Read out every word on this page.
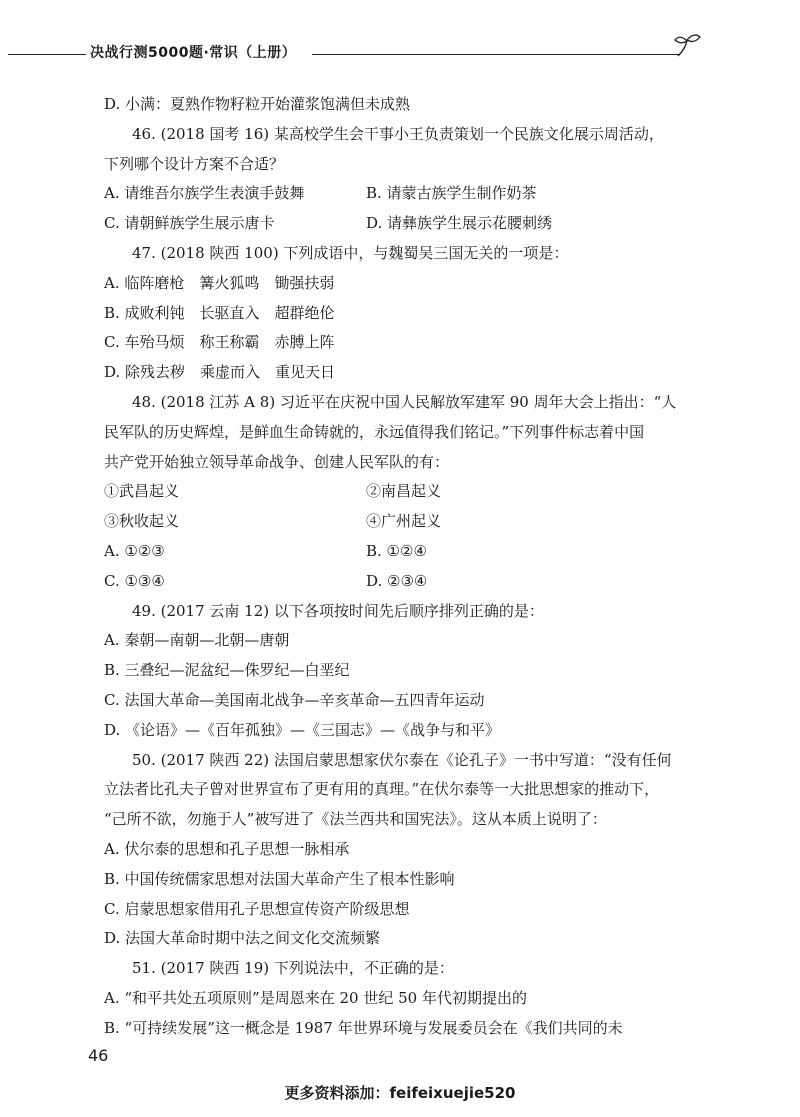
决战行测5000题·常识（上册）
D. 小满：夏熟作物籽粒开始灌浆饱满但未成熟
46. (2018 国考 16) 某高校学生会干事小王负责策划一个民族文化展示周活动，
下列哪个设计方案不合适？
A. 请维吾尔族学生表演手鼓舞	B. 请蒙古族学生制作奶茶
C. 请朝鲜族学生展示唐卡	D. 请彝族学生展示花腰刺绣
47. (2018 陕西 100) 下列成语中，与魏蜀吴三国无关的一项是：
A. 临阵磨枪　篝火狐鸣　锄强扶弱
B. 成败利钝　长驱直入　超群绝伦
C. 车殆马烦　称王称霸　赤膊上阵
D. 除残去秽　乘虚而入　重见天日
48. (2018 江苏 A 8) 习近平在庆祝中国人民解放军建军 90 周年大会上指出：“人
民军队的历史辉煌，是鲜血生命铸就的，永远值得我们铭记。”下列事件标志着中国
共产党开始独立领导革命战争、创建人民军队的有：
①武昌起义	②南昌起义
③秋收起义	④广州起义
A. ①②③	B. ①②④
C. ①③④	D. ②③④
49. (2017 云南 12) 以下各项按时间先后顺序排列正确的是：
A. 秦朝—南朝—北朝—唐朝
B. 三叠纪—泥盆纪—侏罗纪—白垩纪
C. 法国大革命—美国南北战争—辛亥革命—五四青年运动
D. 《论语》—《百年孤独》—《三国志》—《战争与和平》
50. (2017 陕西 22) 法国启蒙思想家伏尔泰在《论孔子》一书中写道：“没有任何
立法者比孔夫子曾对世界宣布了更有用的真理。”在伏尔泰等一大批思想家的推动下，
“己所不欲，勿施于人”被写进了《法兰西共和国宪法》。这从本质上说明了：
A. 伏尔泰的思想和孔子思想一脉相承
B. 中国传统儒家思想对法国大革命产生了根本性影响
C. 启蒙思想家借用孔子思想宣传资产阶级思想
D. 法国大革命时期中法之间文化交流频繁
51. (2017 陕西 19) 下列说法中，不正确的是：
A. “和平共处五项原则”是周恩来在 20 世纪 50 年代初期提出的
B. “可持续发展”这一概念是 1987 年世界环境与发展委员会在《我们共同的未
46
更多资料添加：feifeixuejie520
